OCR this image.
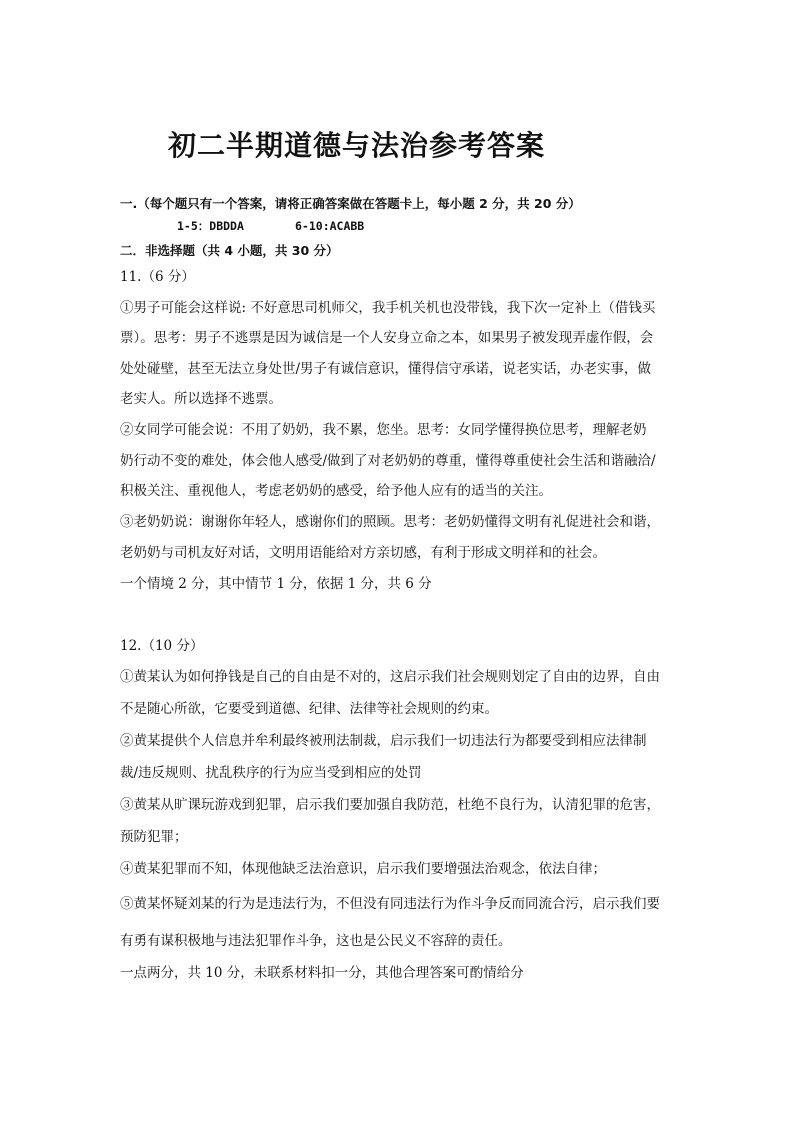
初二半期道德与法治参考答案
一.（每个题只有一个答案，请将正确答案做在答题卡上，每小题 2 分，共 20 分）
1-5：DBDDA	6-10:ACABB
二．非选择题（共 4 小题，共 30 分）
11.（6 分）
①男子可能会这样说: 不好意思司机师父，我手机关机也没带钱，我下次一定补上（借钱买
票）。思考：男子不逃票是因为诚信是一个人安身立命之本，如果男子被发现弄虚作假，会
处处碰壁，甚至无法立身处世/男子有诚信意识，懂得信守承诺，说老实话，办老实事，做
老实人。所以选择不逃票。
②女同学可能会说：不用了奶奶，我不累，您坐。思考：女同学懂得换位思考，理解老奶
奶行动不变的难处，体会他人感受/做到了对老奶奶的尊重，懂得尊重使社会生活和谐融洽/
积极关注、重视他人，考虑老奶奶的感受，给予他人应有的适当的关注。
③老奶奶说：谢谢你年轻人，感谢你们的照顾。思考：老奶奶懂得文明有礼促进社会和谐，
老奶奶与司机友好对话，文明用语能给对方亲切感，有利于形成文明祥和的社会。
一个情境 2 分，其中情节 1 分，依据 1 分，共 6 分
12.（10 分）
①黄某认为如何挣钱是自己的自由是不对的，这启示我们社会规则划定了自由的边界，自由
不是随心所欲，它要受到道德、纪律、法律等社会规则的约束。
②黄某提供个人信息并牟利最终被刑法制裁，启示我们一切违法行为都要受到相应法律制
裁/违反规则、扰乱秩序的行为应当受到相应的处罚
③黄某从旷课玩游戏到犯罪，启示我们要加强自我防范，杜绝不良行为，认清犯罪的危害，
预防犯罪；
④黄某犯罪而不知，体现他缺乏法治意识，启示我们要增强法治观念，依法自律；
⑤黄某怀疑刘某的行为是违法行为，不但没有同违法行为作斗争反而同流合污，启示我们要
有勇有谋积极地与违法犯罪作斗争，这也是公民义不容辞的责任。
一点两分，共 10 分，未联系材料扣一分，其他合理答案可酌情给分
